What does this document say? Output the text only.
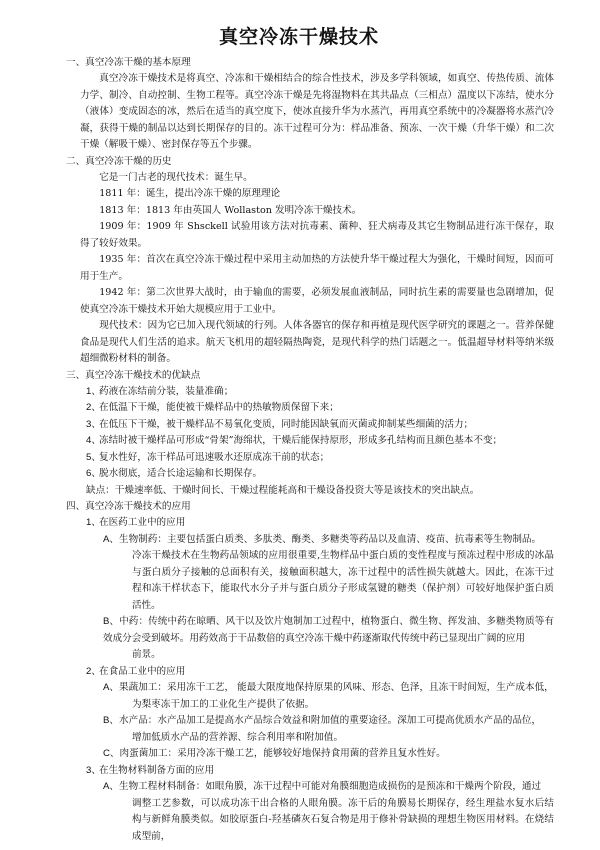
真空冷冻干燥技术

一、真空冷冻干燥的基本原理

真空冷冻干燥技术是将真空、冷冻和干燥相结合的综合性技术，涉及多学科领域，如真空、传热传质、流体力学、制冷、自动控制、生物工程等。真空冷冻干燥是先将湿物料在其共晶点（三相点）温度以下冻结，使水分（液体）变成固态的冰，然后在适当的真空度下，使冰直接升华为水蒸汽，再用真空系统中的冷凝器将水蒸汽冷凝，获得干燥的制品以达到长期保存的目的。冻干过程可分为：样品准备、预冻、一次干燥（升华干燥）和二次干燥（解吸干燥）、密封保存等五个步骤。

二、真空冷冻干燥的历史

它是一门古老的现代技术：诞生早。

1811 年：诞生，提出冷冻干燥的原理理论

1813 年：1813 年由英国人 Wollaston 发明冷冻干燥技术。

1909 年：1909 年 Shsckell 试验用该方法对抗毒素、菌种、狂犬病毒及其它生物制品进行冻干保存，取得了较好效果。

1935 年：首次在真空冷冻干燥过程中采用主动加热的方法使升华干燥过程大为强化，干燥时间短，因而可用于生产。

1942 年：第二次世界大战时，由于输血的需要，必须发展血液制品，同时抗生素的需要量也急剧增加，促使真空冷冻干燥技术开始大规模应用于工业中。

现代技术：因为它已加入现代领域的行列。人体各器官的保存和再植是现代医学研究的课题之一。营养保健食品是现代人们生活的追求。航天飞机用的超轻隔热陶瓷，是现代科学的热门话题之一。低温超导材料等纳米级超细微粉材料的制备。

三、真空冷冻干燥技术的优缺点

1、药液在冻结前分装，装量准确；

2、在低温下干燥，能使被干燥样品中的热敏物质保留下来；

3、在低压下干燥，被干燥样品不易氧化变质，同时能因缺氧而灭菌或抑制某些细菌的活力；

4、冻结时被干燥样品可形成“骨架”海绵状，干燥后能保持原形，形成多孔结构而且颜色基本不变；

5、复水性好，冻干样品可迅速吸水还原成冻干前的状态；

6、脱水彻底，适合长途运输和长期保存。

缺点：干燥速率低、干燥时间长、干燥过程能耗高和干燥设备投资大等是该技术的突出缺点。

四、真空冷冻干燥技术的应用

1、在医药工业中的应用

A、生物制药：主要包括蛋白质类、多肽类、酶类、多糖类等药品以及血清、疫苗、抗毒素等生物制品。

冷冻干燥技术在生物药品领域的应用很重要,生物样品中蛋白质的变性程度与预冻过程中形成的冰晶与蛋白质分子接触的总面积有关，接触面积越大，冻干过程中的活性损失就越大。因此，在冻干过程和冻干样状态下，能取代水分子并与蛋白质分子形成氢键的糖类（保护剂）可较好地保护蛋白质活性。

B、中药：传统中药在晾晒、风干以及饮片炮制加工过程中，植物蛋白、微生物、挥发油、多糖类物质等有效成分会受到破坏。用药效高于干品数倍的真空冷冻干燥中药逐渐取代传统中药已显现出广阔的应用

前景。

2、在食品工业中的应用

A、果蔬加工：采用冻干工艺， 能最大限度地保持原果的风味、形态、色泽，且冻干时间短，生产成本低，

为梨枣冻干加工的工业化生产提供了依据。

B、水产品：水产品加工是提高水产品综合效益和附加值的重要途径。深加工可提高优质水产品的品位，

增加低质水产品的营养源、综合利用率和附加值。

C、肉蛋菌加工：采用冷冻干燥工艺，能够较好地保持食用菌的营养且复水性好。

3、在生物材料制备方面的应用

A、生物工程材料制备：如眼角膜，冻干过程中可能对角膜细胞造成损伤的是预冻和干燥两个阶段，通过

调整工艺参数，可以成功冻干出合格的人眼角膜。冻干后的角膜易长期保存，经生理盐水复水后结构与新鲜角膜类似。如胶原蛋白-羟基磷灰石复合物是用于修补骨缺损的理想生物医用材料。在烧结成型前，
